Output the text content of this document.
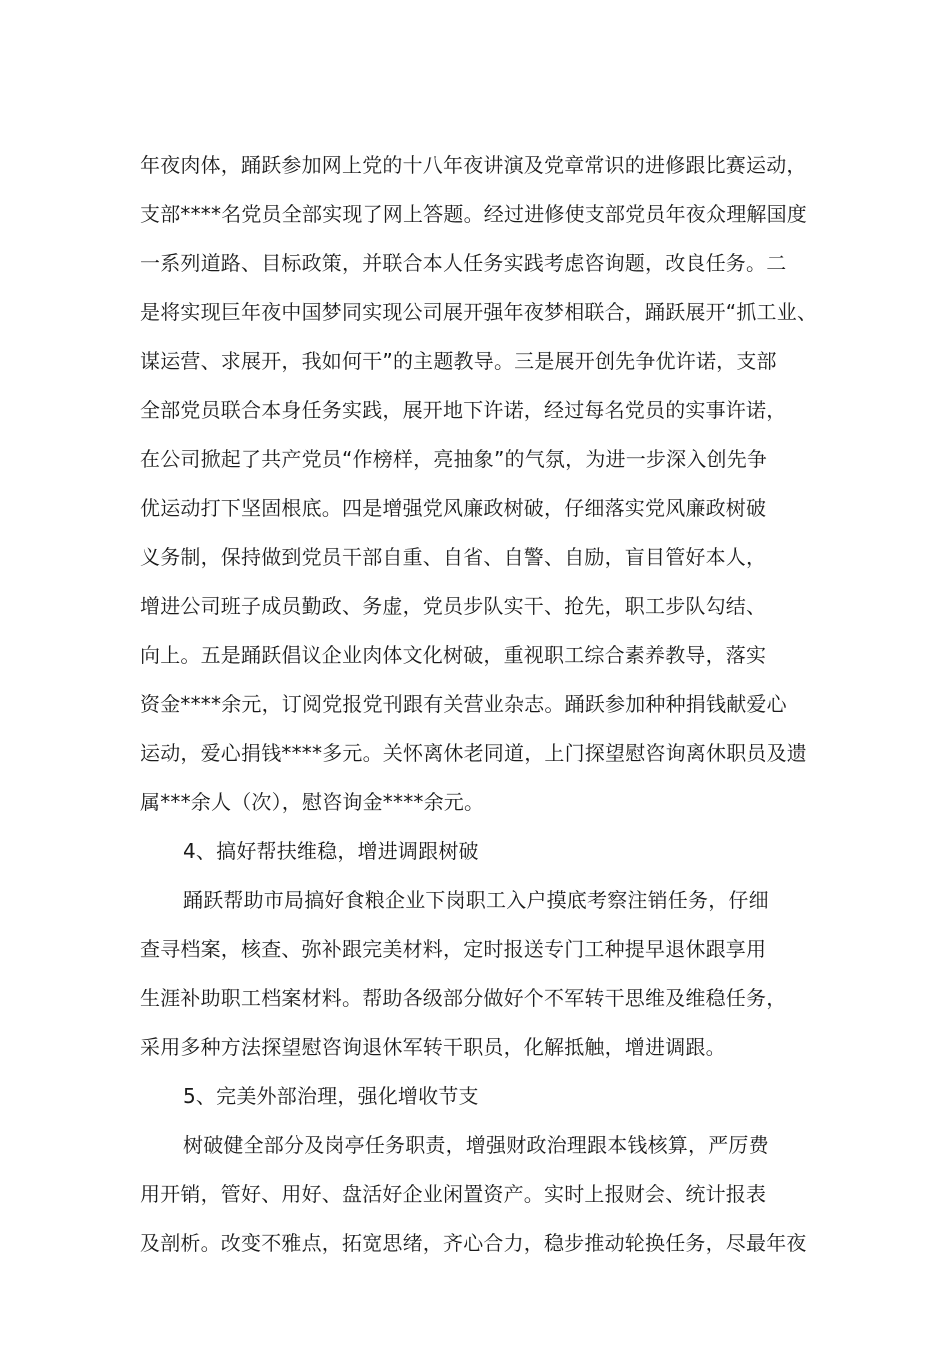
年夜肉体，踊跃参加网上党的十八年夜讲演及党章常识的进修跟比赛运动，
支部****名党员全部实现了网上答题。经过进修使支部党员年夜众理解国度
一系列道路、目标政策，并联合本人任务实践考虑咨询题，改良任务。二
是将实现巨年夜中国梦同实现公司展开强年夜梦相联合，踊跃展开“抓工业、
谋运营、求展开，我如何干”的主题教导。三是展开创先争优许诺，支部
全部党员联合本身任务实践，展开地下许诺，经过每名党员的实事许诺，
在公司掀起了共产党员“作榜样，亮抽象”的气氛，为进一步深入创先争
优运动打下坚固根底。四是增强党风廉政树破，仔细落实党风廉政树破
义务制，保持做到党员干部自重、自省、自警、自励，盲目管好本人，
增进公司班子成员勤政、务虚，党员步队实干、抢先，职工步队勾结、
向上。五是踊跃倡议企业肉体文化树破，重视职工综合素养教导，落实
资金****余元，订阅党报党刊跟有关营业杂志。踊跃参加种种捐钱献爱心
运动，爱心捐钱****多元。关怀离休老同道，上门探望慰咨询离休职员及遗
属***余人（次），慰咨询金****余元。
4、搞好帮扶维稳，增进调跟树破
踊跃帮助市局搞好食粮企业下岗职工入户摸底考察注销任务，仔细
查寻档案，核查、弥补跟完美材料，定时报送专门工种提早退休跟享用
生涯补助职工档案材料。帮助各级部分做好个不军转干思维及维稳任务，
采用多种方法探望慰咨询退休军转干职员，化解抵触，增进调跟。
5、完美外部治理，强化增收节支
树破健全部分及岗亭任务职责，增强财政治理跟本钱核算，严厉费
用开销，管好、用好、盘活好企业闲置资产。实时上报财会、统计报表
及剖析。改变不雅点，拓宽思绪，齐心合力，稳步推动轮换任务，尽最年夜
